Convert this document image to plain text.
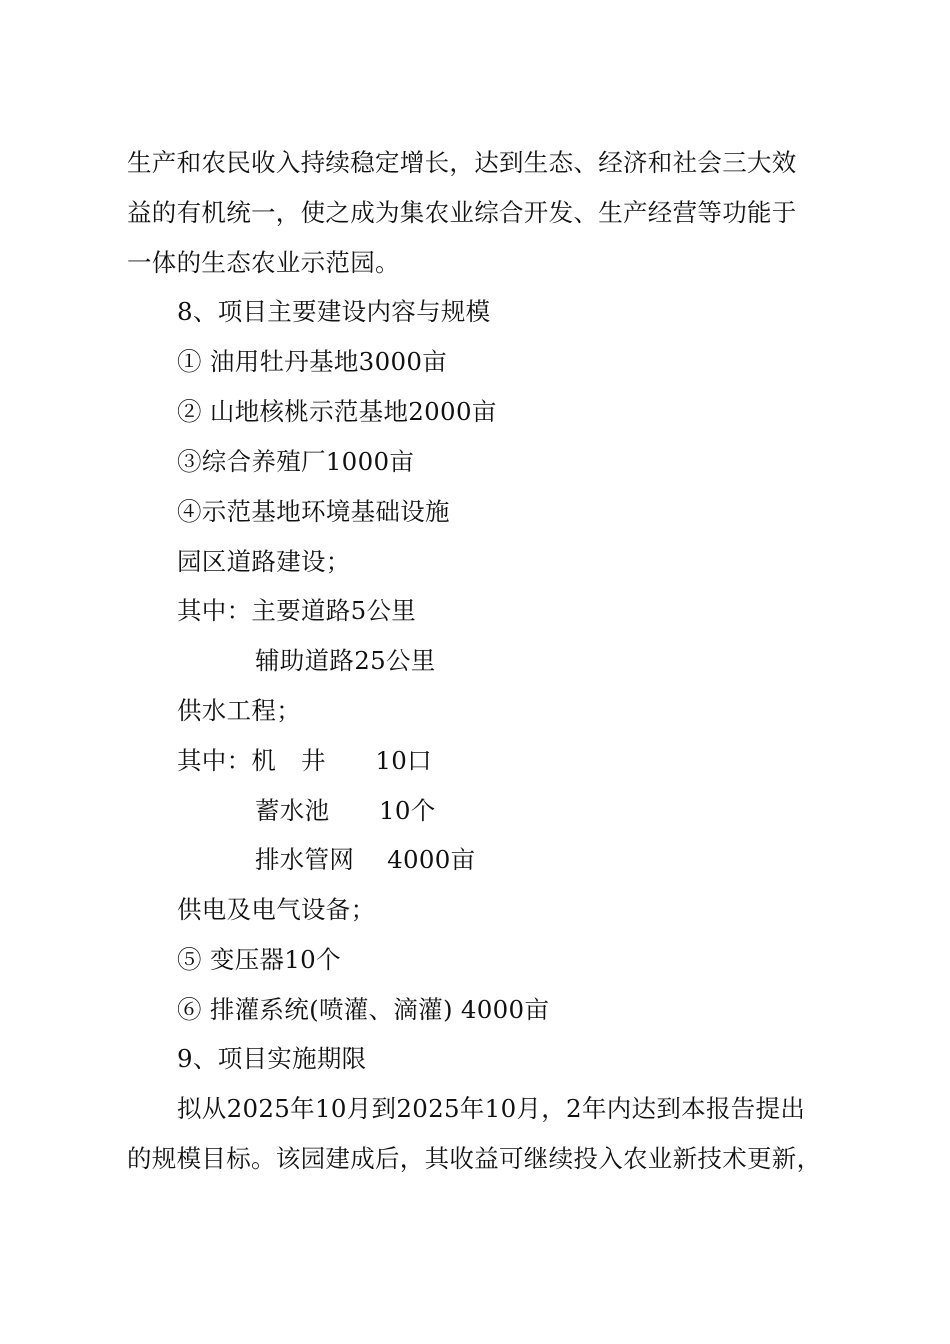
生产和农民收入持续稳定增长，达到生态、经济和社会三大效
益的有机统一，使之成为集农业综合开发、生产经营等功能于
一体的生态农业示范园。
8、项目主要建设内容与规模
① 油用牡丹基地3000亩
② 山地核桃示范基地2000亩
③综合养殖厂1000亩
④示范基地环境基础设施
园区道路建设；
其中：主要道路5公里
辅助道路25公里
供水工程；
其中：机　井　　10口
蓄水池　　10个
排水管网　 4000亩
供电及电气设备；
⑤ 变压器10个
⑥ 排灌系统(喷灌、滴灌) 4000亩
9、项目实施期限
拟从2025年10月到2025年10月，2年内达到本报告提出
的规模目标。该园建成后，其收益可继续投入农业新技术更新，
